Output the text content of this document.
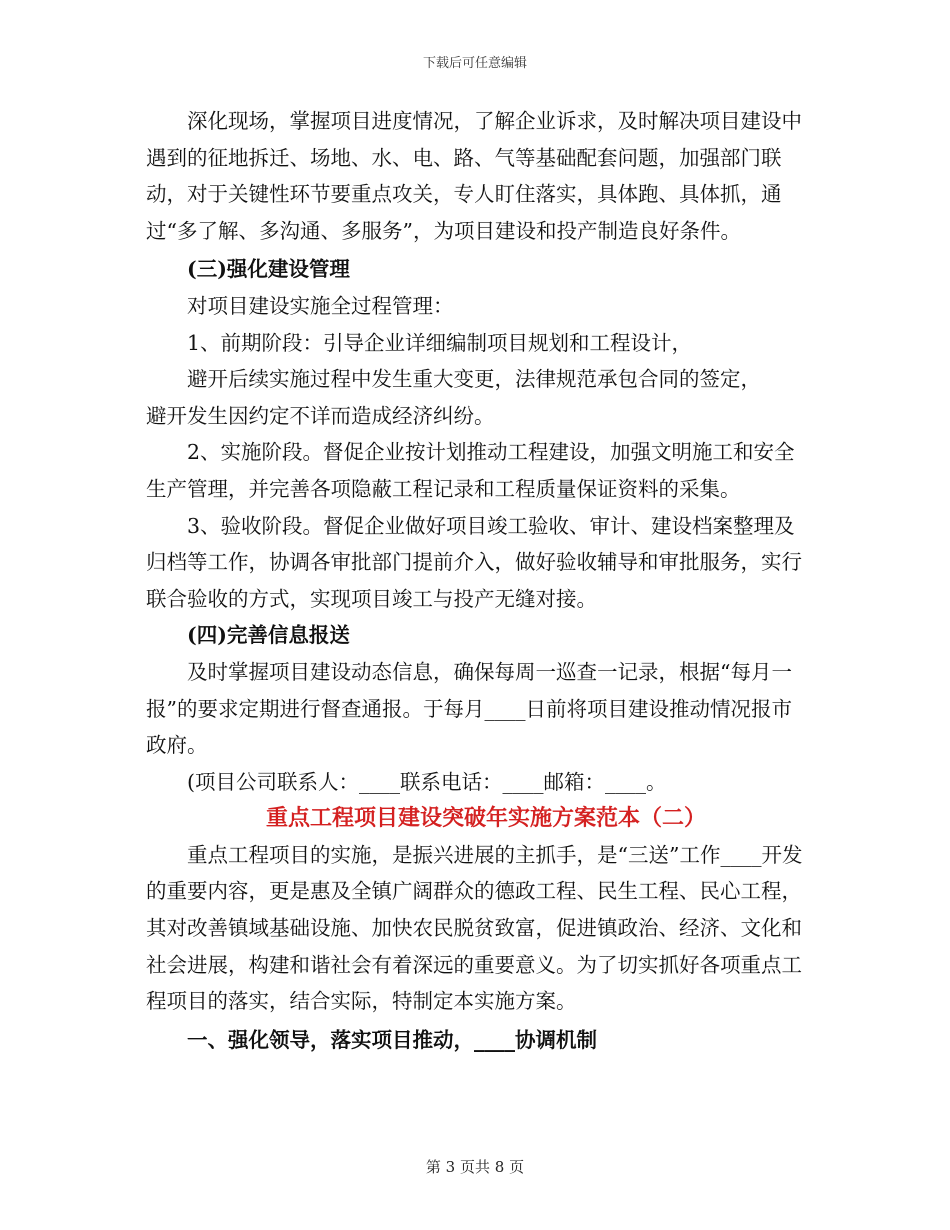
下载后可任意编辑

深化现场，掌握项目进度情况，了解企业诉求，及时解决项目建设中遇到的征地拆迁、场地、水、电、路、气等基础配套问题，加强部门联动，对于关键性环节要重点攻关，专人盯住落实，具体跑、具体抓，通过“多了解、多沟通、多服务”，为项目建设和投产制造良好条件。

(三)强化建设管理

对项目建设实施全过程管理：

1、前期阶段：引导企业详细编制项目规划和工程设计，

避开后续实施过程中发生重大变更，法律规范承包合同的签定，

避开发生因约定不详而造成经济纠纷。

2、实施阶段。督促企业按计划推动工程建设，加强文明施工和安全生产管理，并完善各项隐蔽工程记录和工程质量保证资料的采集。

3、验收阶段。督促企业做好项目竣工验收、审计、建设档案整理及归档等工作，协调各审批部门提前介入，做好验收辅导和审批服务，实行联合验收的方式，实现项目竣工与投产无缝对接。

(四)完善信息报送

及时掌握项目建设动态信息，确保每周一巡查一记录，根据“每月一报”的要求定期进行督查通报。于每月____日前将项目建设推动情况报市政府。

(项目公司联系人：____联系电话：____邮箱：____。

重点工程项目建设突破年实施方案范本（二）

重点工程项目的实施，是振兴进展的主抓手，是“三送”工作____开发的重要内容，更是惠及全镇广阔群众的德政工程、民生工程、民心工程，其对改善镇域基础设施、加快农民脱贫致富，促进镇政治、经济、文化和社会进展，构建和谐社会有着深远的重要意义。为了切实抓好各项重点工程项目的落实，结合实际，特制定本实施方案。

一、强化领导，落实项目推动，____协调机制

第 3 页共 8 页
